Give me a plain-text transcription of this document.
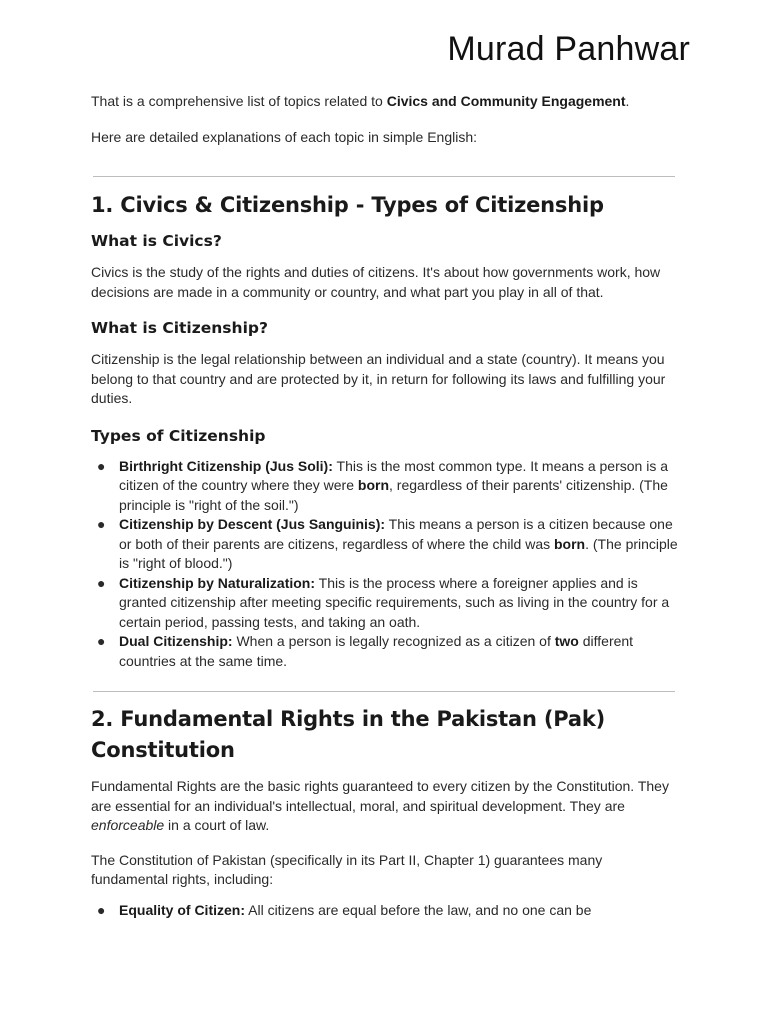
Murad Panhwar

That is a comprehensive list of topics related to Civics and Community Engagement.

Here are detailed explanations of each topic in simple English:

1. Civics & Citizenship - Types of Citizenship
What is Civics?

Civics is the study of the rights and duties of citizens. It's about how governments work, how decisions are made in a community or country, and what part you play in all of that.

What is Citizenship?

Citizenship is the legal relationship between an individual and a state (country). It means you belong to that country and are protected by it, in return for following its laws and fulfilling your duties.

Types of Citizenship
● Birthright Citizenship (Jus Soli): This is the most common type. It means a person is a citizen of the country where they were born, regardless of their parents' citizenship. (The principle is "right of the soil.")
● Citizenship by Descent (Jus Sanguinis): This means a person is a citizen because one or both of their parents are citizens, regardless of where the child was born. (The principle is "right of blood.")
● Citizenship by Naturalization: This is the process where a foreigner applies and is granted citizenship after meeting specific requirements, such as living in the country for a certain period, passing tests, and taking an oath.
● Dual Citizenship: When a person is legally recognized as a citizen of two different countries at the same time.
2. Fundamental Rights in the Pakistan (Pak) Constitution

Fundamental Rights are the basic rights guaranteed to every citizen by the Constitution. They are essential for an individual's intellectual, moral, and spiritual development. They are enforceable in a court of law.

The Constitution of Pakistan (specifically in its Part II, Chapter 1) guarantees many fundamental rights, including:

● Equality of Citizen: All citizens are equal before the law, and no one can be
